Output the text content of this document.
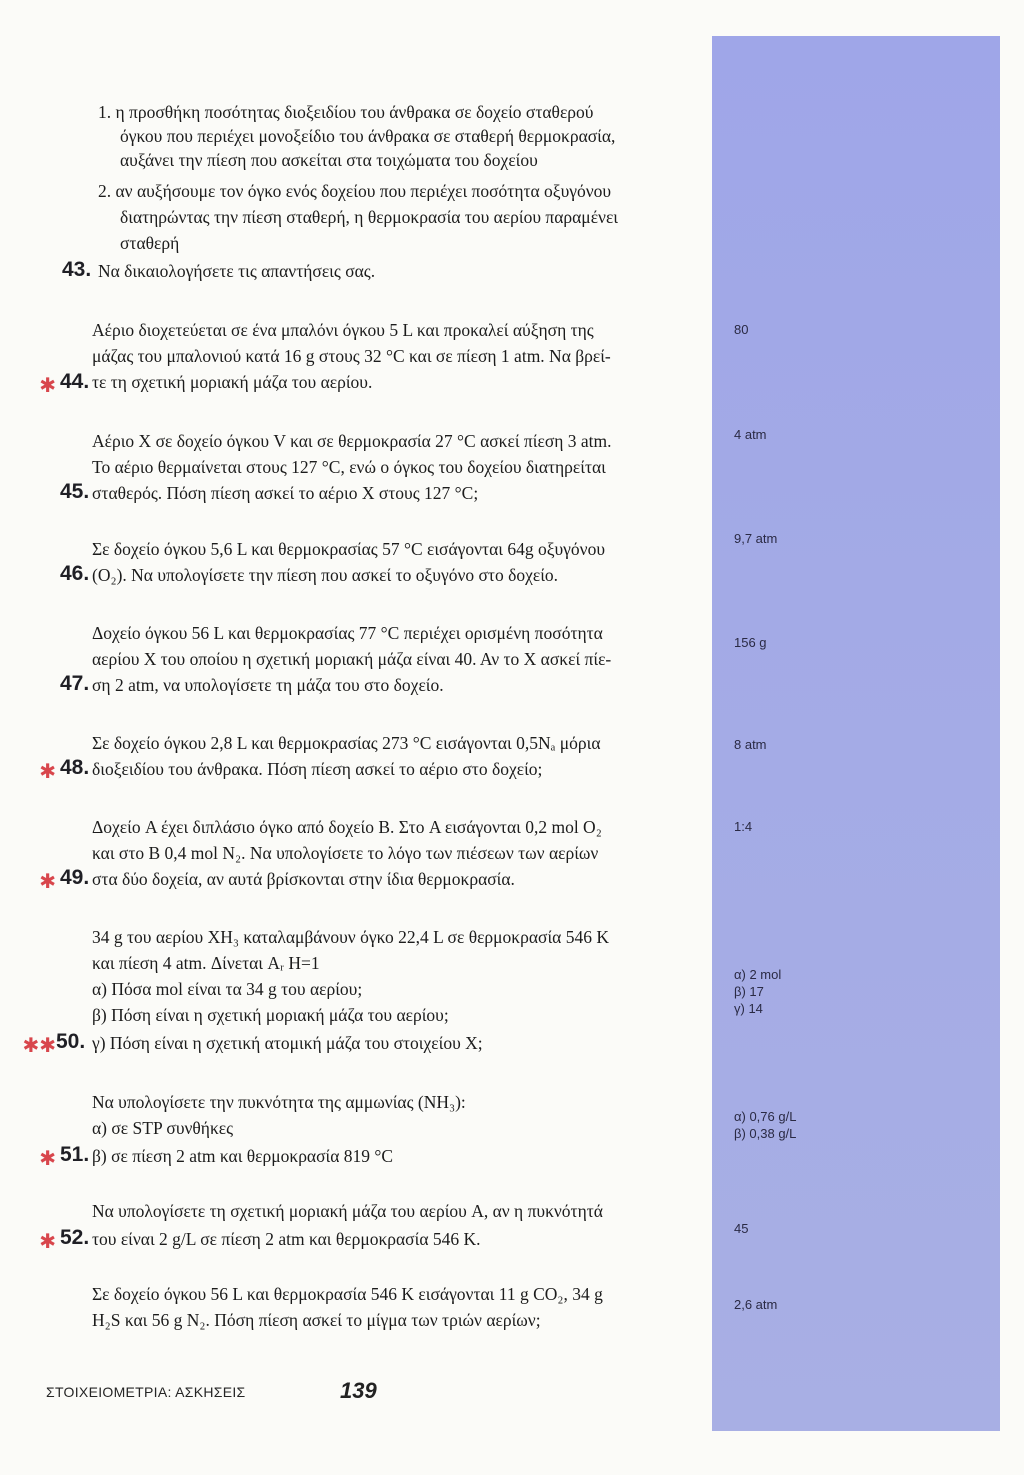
1. η προσθήκη ποσότητας διοξειδίου του άνθρακα σε δοχείο σταθερού
όγκου που περιέχει μονοξείδιο του άνθρακα σε σταθερή θερμοκρασία,
αυξάνει την πίεση που ασκείται στα τοιχώματα του δοχείου
2. αν αυξήσουμε τον όγκο ενός δοχείου που περιέχει ποσότητα οξυγόνου
διατηρώντας την πίεση σταθερή, η θερμοκρασία του αερίου παραμένει
σταθερή
43. Να δικαιολογήσετε τις απαντήσεις σας.
Αέριο διοχετεύεται σε ένα μπαλόνι όγκου 5 L και προκαλεί αύξηση της
μάζας του μπαλονιού κατά 16 g στους 32 °C και σε πίεση 1 atm. Να βρεί-
✱ 44. τε τη σχετική μοριακή μάζα του αερίου.
80
Αέριο X σε δοχείο όγκου V και σε θερμοκρασία 27 °C ασκεί πίεση 3 atm.
Το αέριο θερμαίνεται στους 127 °C, ενώ ο όγκος του δοχείου διατηρείται
45. σταθερός. Πόση πίεση ασκεί το αέριο X στους 127 °C;
4 atm
Σε δοχείο όγκου 5,6 L και θερμοκρασίας 57 °C εισάγονται 64g οξυγόνου
46. (O₂). Να υπολογίσετε την πίεση που ασκεί το οξυγόνο στο δοχείο.
9,7 atm
Δοχείο όγκου 56 L και θερμοκρασίας 77 °C περιέχει ορισμένη ποσότητα
αερίου X του οποίου η σχετική μοριακή μάζα είναι 40. Αν το X ασκεί πίε-
47. ση 2 atm, να υπολογίσετε τη μάζα του στο δοχείο.
156 g
Σε δοχείο όγκου 2,8 L και θερμοκρασίας 273 °C εισάγονται 0,5Nₐ μόρια
✱ 48. διοξειδίου του άνθρακα. Πόση πίεση ασκεί το αέριο στο δοχείο;
8 atm
Δοχείο A έχει διπλάσιο όγκο από δοχείο B. Στο A εισάγονται 0,2 mol O₂
και στο B 0,4 mol N₂. Να υπολογίσετε το λόγο των πιέσεων των αερίων
✱ 49. στα δύο δοχεία, αν αυτά βρίσκονται στην ίδια θερμοκρασία.
1:4
34 g του αερίου XH₃ καταλαμβάνουν όγκο 22,4 L σε θερμοκρασία 546 K
και πίεση 4 atm. Δίνεται Aᵣ H=1
α) Πόσα mol είναι τα 34 g του αερίου;
β) Πόση είναι η σχετική μοριακή μάζα του αερίου;
✱✱ 50. γ) Πόση είναι η σχετική ατομική μάζα του στοιχείου X;
α) 2 mol
β) 17
γ) 14
Να υπολογίσετε την πυκνότητα της αμμωνίας (NH₃):
α) σε STP συνθήκες
✱ 51. β) σε πίεση 2 atm και θερμοκρασία 819 °C
α) 0,76 g/L
β) 0,38 g/L
Να υπολογίσετε τη σχετική μοριακή μάζα του αερίου A, αν η πυκνότητά
✱ 52. του είναι 2 g/L σε πίεση 2 atm και θερμοκρασία 546 K.
45
Σε δοχείο όγκου 56 L και θερμοκρασία 546 K εισάγονται 11 g CO₂, 34 g
H₂S και 56 g N₂. Πόση πίεση ασκεί το μίγμα των τριών αερίων;
2,6 atm
ΣΤΟΙΧΕΙΟΜΕΤΡΙΑ: ΑΣΚΗΣΕΙΣ	139
